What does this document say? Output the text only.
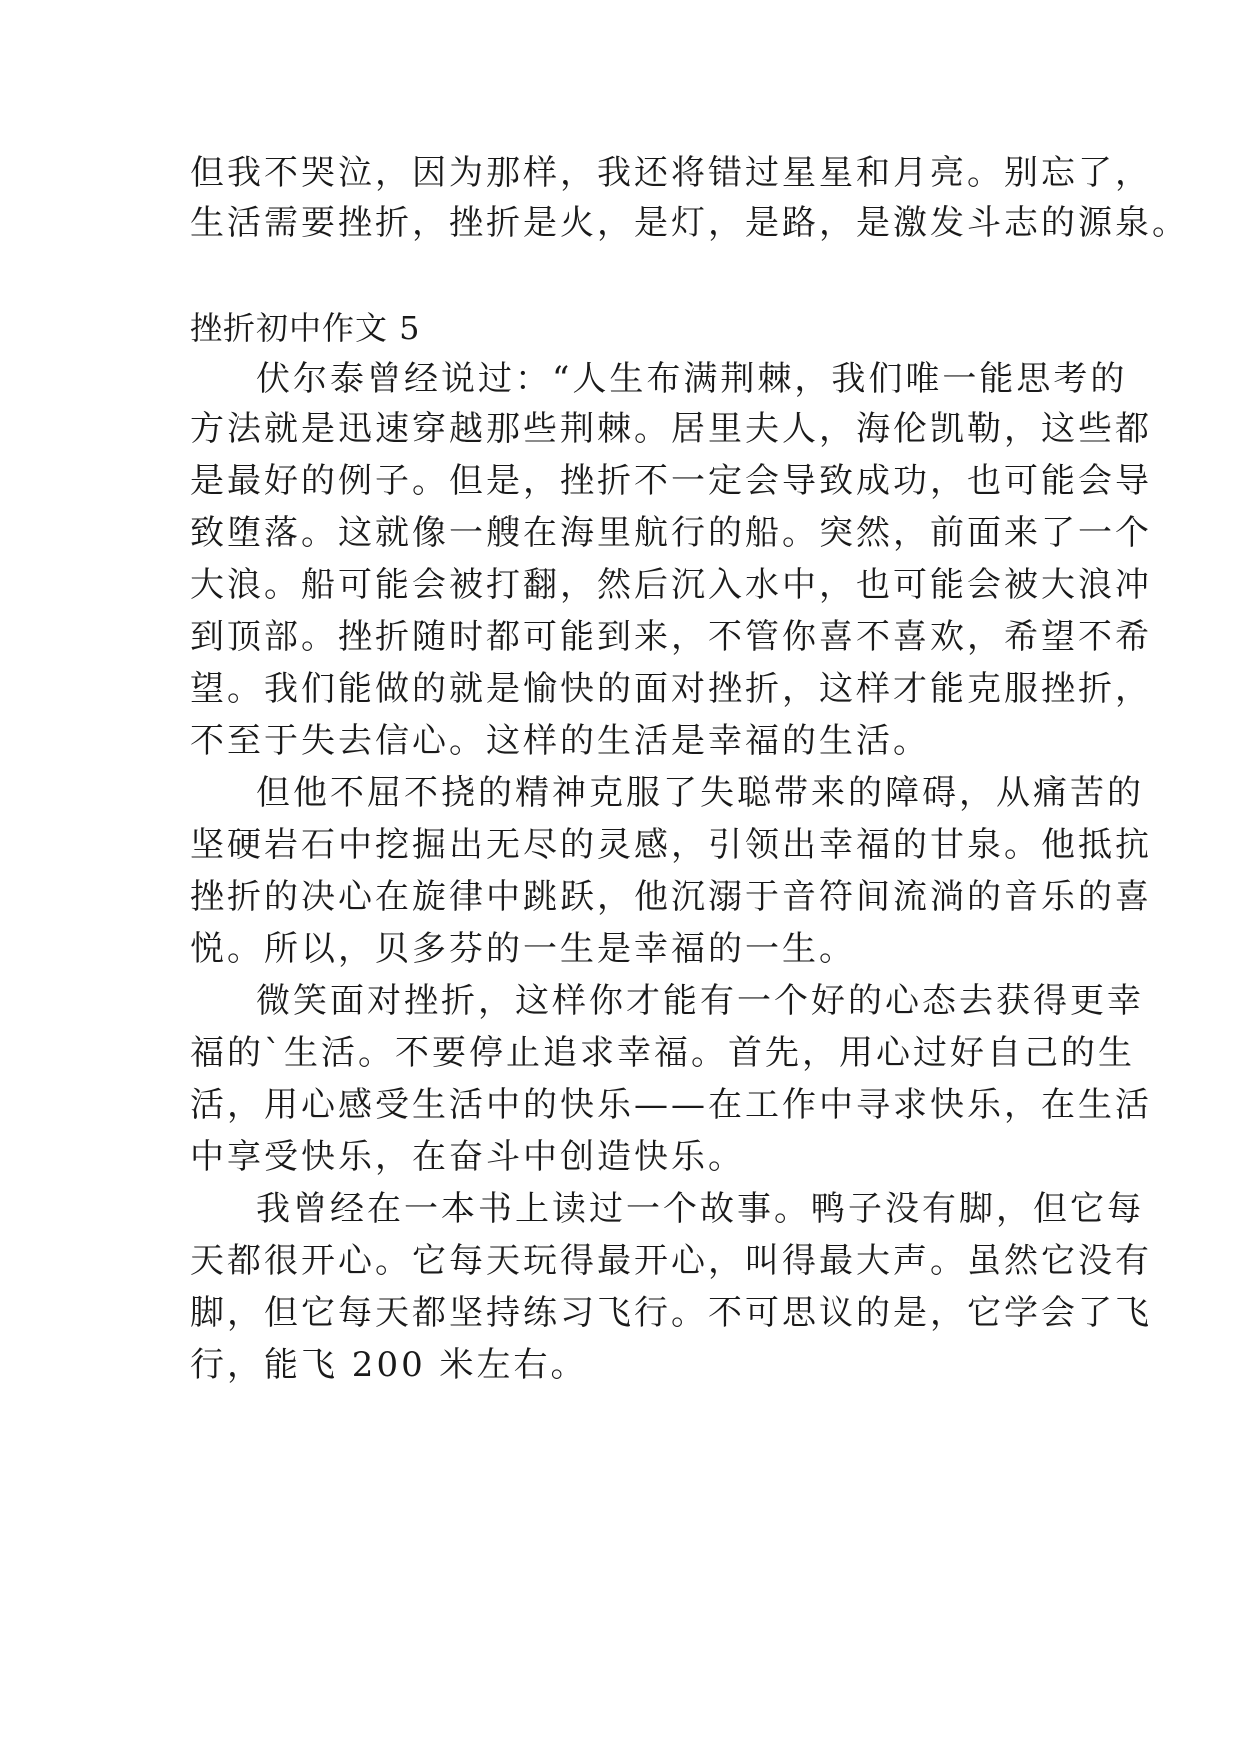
但我不哭泣，因为那样，我还将错过星星和月亮。别忘了，
生活需要挫折，挫折是火，是灯，是路，是激发斗志的源泉。
挫折初中作文 5
伏尔泰曾经说过：“人生布满荆棘，我们唯一能思考的
方法就是迅速穿越那些荆棘。居里夫人，海伦凯勒，这些都
是最好的例子。但是，挫折不一定会导致成功，也可能会导
致堕落。这就像一艘在海里航行的船。突然，前面来了一个
大浪。船可能会被打翻，然后沉入水中，也可能会被大浪冲
到顶部。挫折随时都可能到来，不管你喜不喜欢，希望不希
望。我们能做的就是愉快的面对挫折，这样才能克服挫折，
不至于失去信心。这样的生活是幸福的生活。
但他不屈不挠的精神克服了失聪带来的障碍，从痛苦的
坚硬岩石中挖掘出无尽的灵感，引领出幸福的甘泉。他抵抗
挫折的决心在旋律中跳跃，他沉溺于音符间流淌的音乐的喜
悦。所以，贝多芬的一生是幸福的一生。
微笑面对挫折，这样你才能有一个好的心态去获得更幸
福的`生活。不要停止追求幸福。首先，用心过好自己的生
活，用心感受生活中的快乐——在工作中寻求快乐，在生活
中享受快乐，在奋斗中创造快乐。
我曾经在一本书上读过一个故事。鸭子没有脚，但它每
天都很开心。它每天玩得最开心，叫得最大声。虽然它没有
脚，但它每天都坚持练习飞行。不可思议的是，它学会了飞
行，能飞 200 米左右。
